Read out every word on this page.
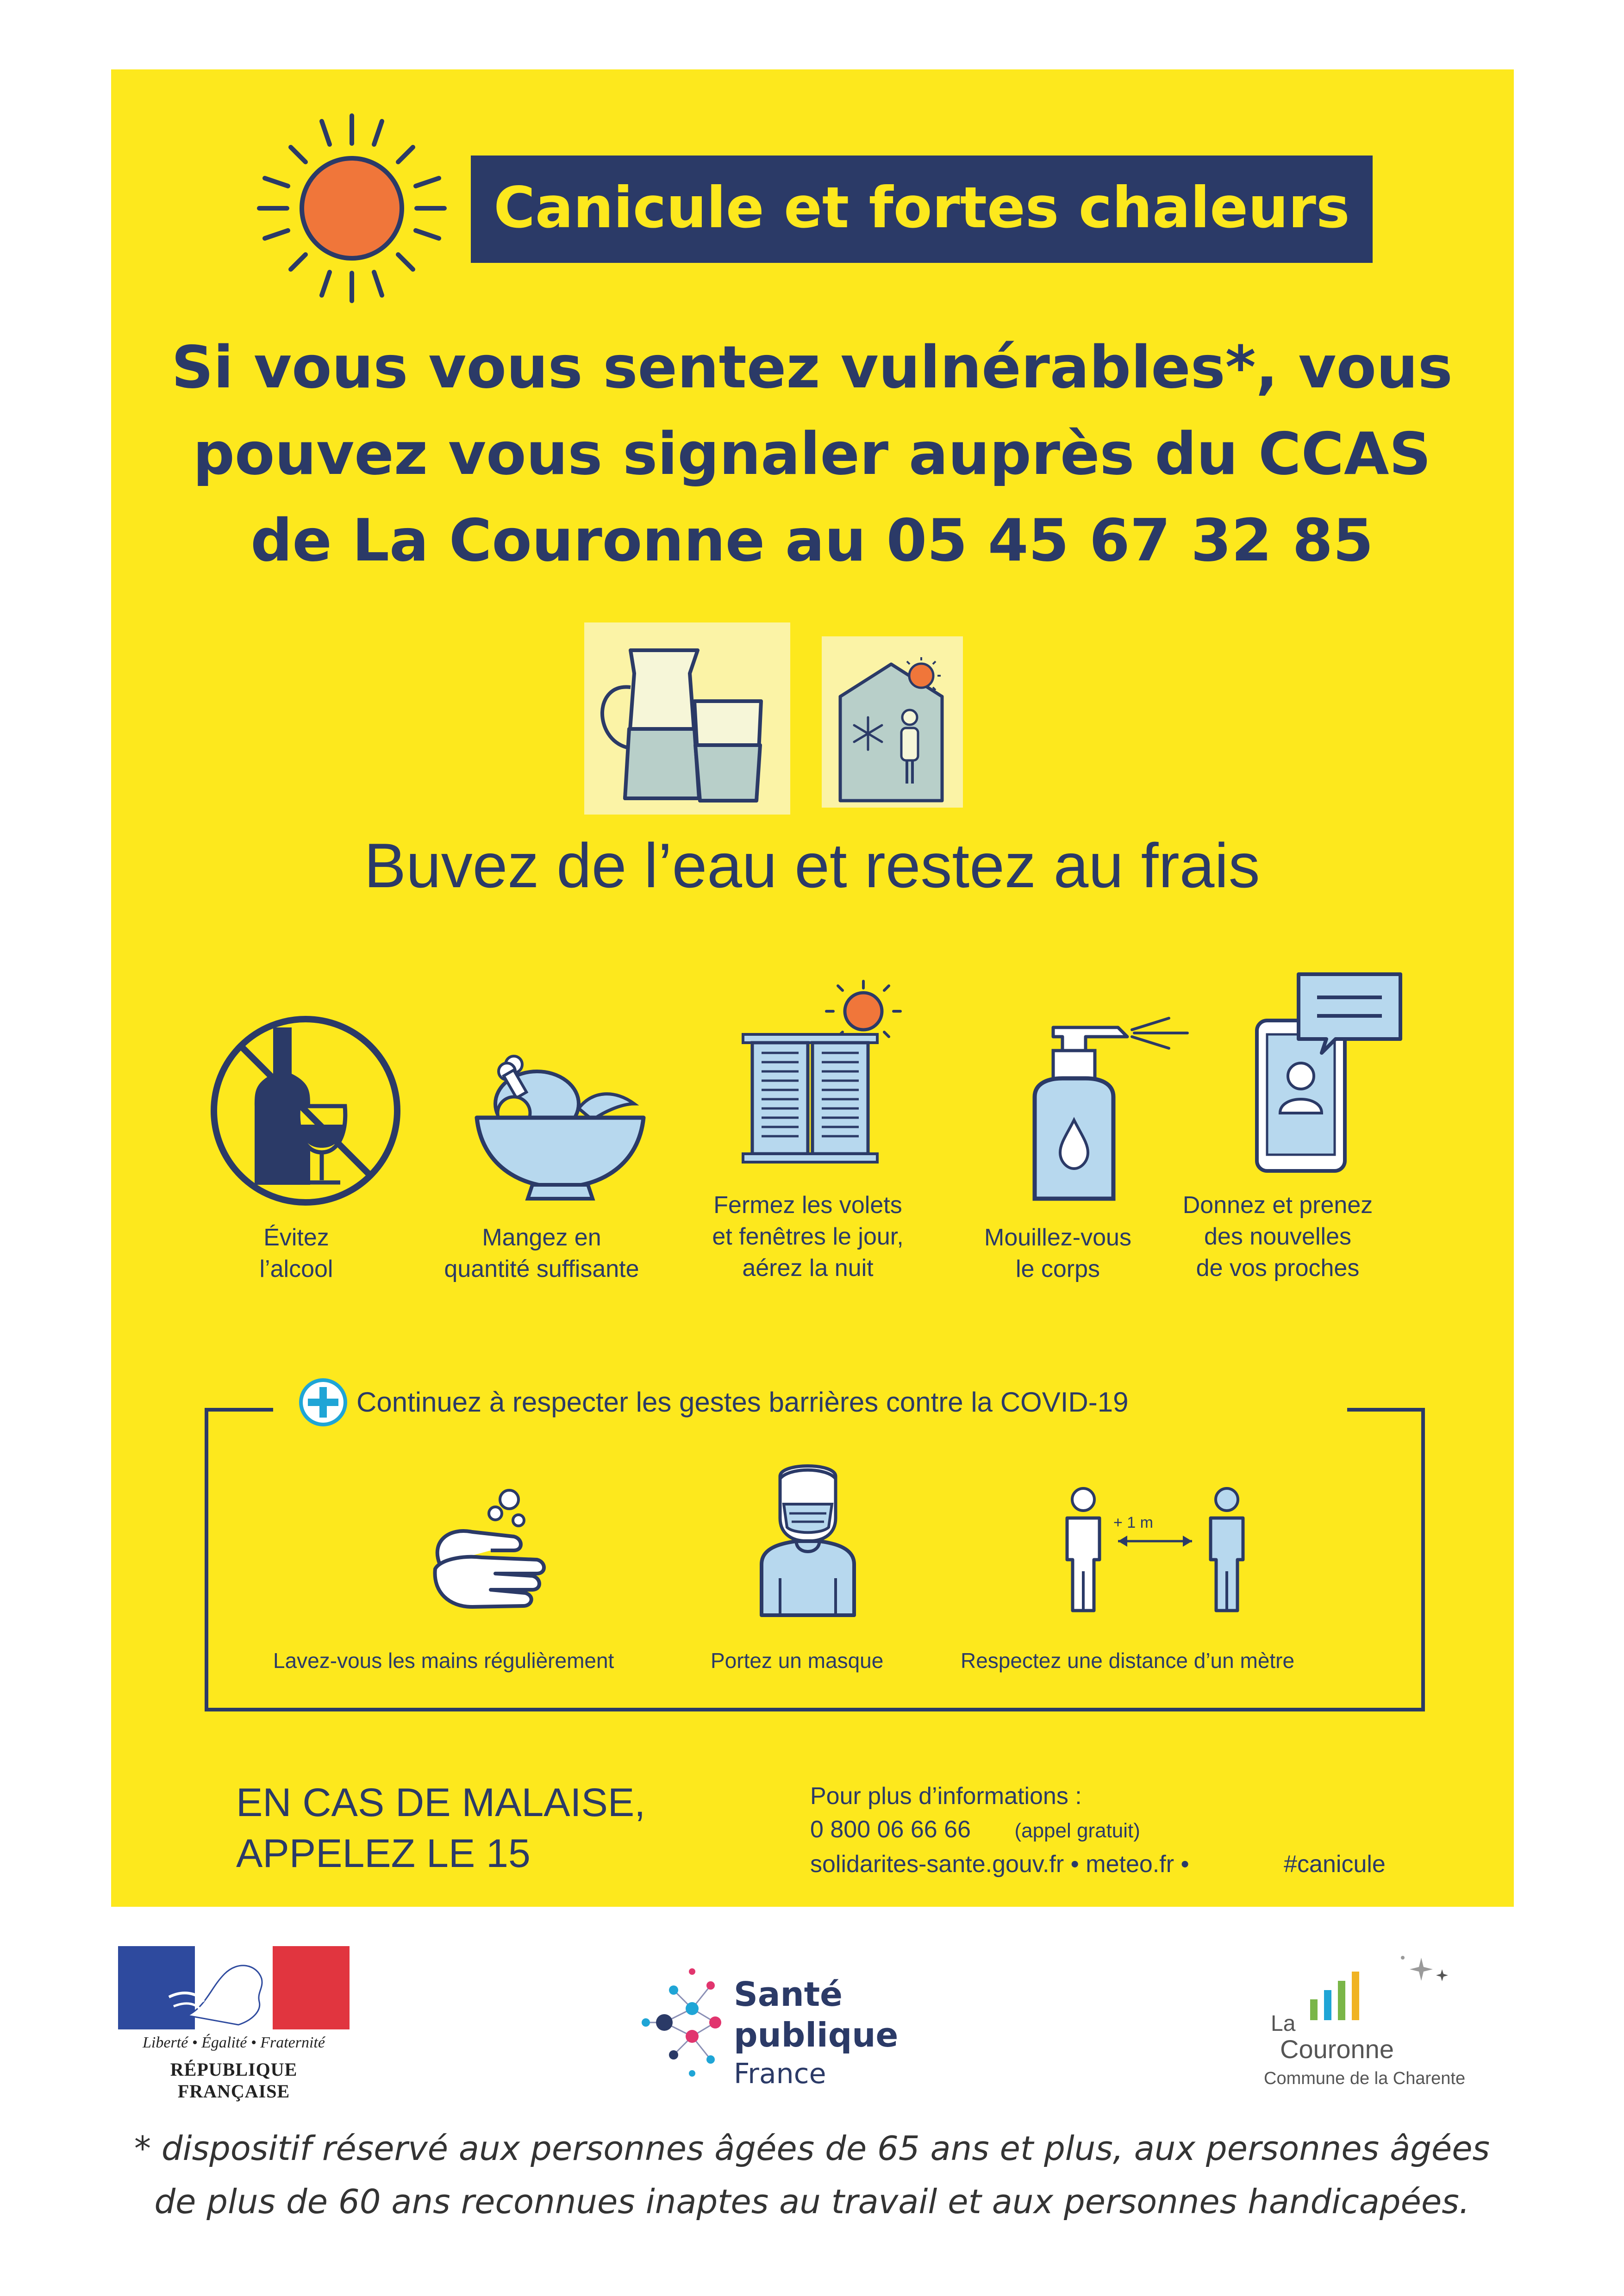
Canicule et fortes chaleurs
Si vous vous sentez vulnérables*, vous
pouvez vous signaler auprès du CCAS
de La Couronne au 05 45 67 32 85
Buvez de l’eau et restez au frais
Évitez
l’alcool
Mangez en
quantité suffisante
Fermez les volets
et fenêtres le jour,
aérez la nuit
Mouillez-vous
le corps
Donnez et prenez
des nouvelles
de vos proches
Continuez à respecter les gestes barrières contre la COVID-19
+ 1 m
Lavez-vous les mains régulièrement	Portez un masque	Respectez une distance d’un mètre
EN CAS DE MALAISE,
APPELEZ LE 15
Pour plus d’informations :
0 800 06 66 66 (appel gratuit)
solidarites-sante.gouv.fr • meteo.fr •	#canicule
Liberté • Égalité • Fraternité
RÉPUBLIQUE FRANÇAISE
Santé
publique
France
La
Couronne
Commune de la Charente
* dispositif réservé aux personnes âgées de 65 ans et plus, aux personnes âgées
de plus de 60 ans reconnues inaptes au travail et aux personnes handicapées.
